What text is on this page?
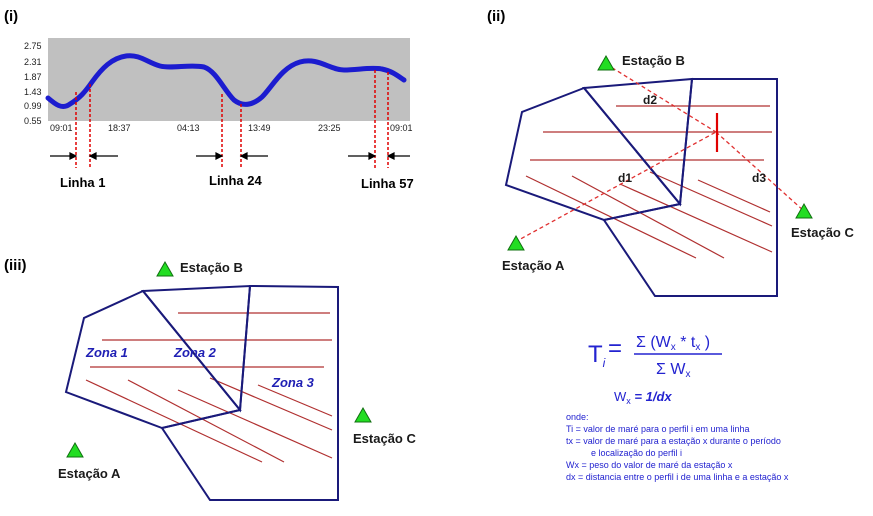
(i)
2.75
2.31
1.87
1.43
0.99
0.55
09:01	18:37	04:13	13:49	23:25	09:01
Linha 1	Linha 24	Linha 57
(ii)
Estação B
Estação A
Estação C
d1
d2
d3
(iii)	Estação B
Estação A
Estação C
Zona 1	Zona 2
Zona 3
$T_i$
= Σ (Wx * tx )
Σ Wx
$W_x = 1/dx$
onde:
Ti = valor de maré para o perfil i em uma linha
tx = valor de maré para a estação x durante o período
e localização do perfil i
Wx = peso do valor de maré da estação x
dx = distancia entre o perfil i de uma linha e a estação x
